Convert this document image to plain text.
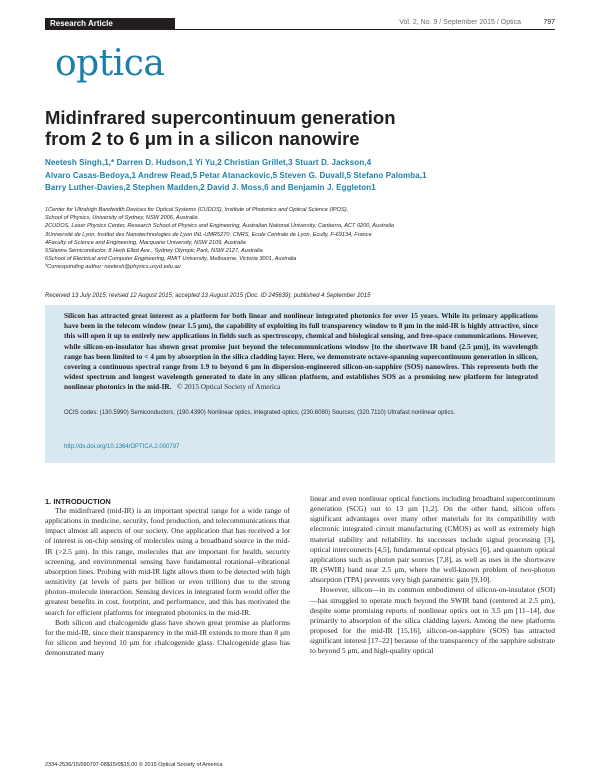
Research Article	Vol. 2, No. 9 / September 2015 / Optica	797
optica
Midinfrared supercontinuum generation
from 2 to 6 μm in a silicon nanowire
Neetesh Singh,1,* Darren D. Hudson,1 Yi Yu,2 Christian Grillet,3 Stuart D. Jackson,4
Alvaro Casas-Bedoya,1 Andrew Read,5 Petar Atanackovic,5 Steven G. Duvall,5 Stefano Palomba,1
Barry Luther-Davies,2 Stephen Madden,2 David J. Moss,6 and Benjamin J. Eggleton1
1Center for Ultrahigh Bandwidth Devices for Optical Systems (CUDOS), Institute of Photonics and Optical Science (IPOS),
School of Physics, University of Sydney, NSW 2006, Australia
2CUDOS, Laser Physics Center, Research School of Physics and Engineering, Australian National University, Canberra, ACT 0200, Australia
3Université de Lyon, Institut des Nanotechnologies de Lyon INL-UMR5270, CNRS, Ecole Centrale de Lyon, Ecully, F-69134, France
4Faculty of Science and Engineering, Macquarie University, NSW 2109, Australia
5Silanna Semiconductor, 8 Herb Elliot Ave., Sydney Olympic Park, NSW 2127, Australia
6School of Electrical and Computer Engineering, RMIT University, Melbourne, Victoria 3001, Australia
*Corresponding author: neetesh@physics.usyd.edu.au
Received 13 July 2015; revised 12 August 2015; accepted 13 August 2015 (Doc. ID 245639); published 4 September 2015
Silicon has attracted great interest as a platform for both linear and nonlinear integrated photonics for over 15 years. While its primary applications have been in the telecom window (near 1.5 μm), the capability of exploiting its full transparency window to 8 μm in the mid-IR is highly attractive, since this will open it up to entirely new applications in fields such as spectroscopy, chemical and biological sensing, and free-space communications. However, while silicon-on-insulator has shown great promise just beyond the telecommunications window [to the shortwave IR band (2.5 μm)], its wavelength range has been limited to < 4 μm by absorption in the silica cladding layer. Here, we demonstrate octave-spanning supercontinuum generation in silicon, covering a continuous spectral range from 1.9 to beyond 6 μm in dispersion-engineered silicon-on-sapphire (SOS) nanowires. This represents both the widest spectrum and longest wavelength generated to date in any silicon platform, and establishes SOS as a promising new platform for integrated nonlinear photonics in the mid-IR. © 2015 Optical Society of America
OCIS codes: (130.5990) Semiconductors; (190.4390) Nonlinear optics, integrated optics; (230.6080) Sources; (320.7110) Ultrafast nonlinear optics.
http://dx.doi.org/10.1364/OPTICA.2.000797
1. INTRODUCTION

The midinfrared (mid-IR) is an important spectral range for a wide range of applications in medicine, security, food production, and telecommunications that impact almost all aspects of our society. One application that has received a lot of interest is on-chip sensing of molecules using a broadband source in the mid-IR (>2.5 μm). In this range, molecules that are important for health, security screening, and environmental sensing have fundamental rotational–vibrational absorption lines. Probing with mid-IR light allows them to be detected with high sensitivity (at levels of parts per billion or even trillion) due to the strong photon–molecule interaction. Sensing devices in integrated form would offer the greatest benefits in cost, footprint, and performance, and this has motivated the search for efficient platforms for integrated photonics in the mid-IR.

Both silicon and chalcogenide glass have shown great promise as platforms for the mid-IR, since their transparency in the mid-IR extends to more than 8 μm for silicon and beyond 10 μm for chalcogenide glass. Chalcogenide glass has demonstrated many

linear and even nonlinear optical functions including broadband supercontinuum generation (SCG) out to 13 μm [1,2]. On the other hand, silicon offers significant advantages over many other materials for its compatibility with electronic integrated circuit manufacturing (CMOS) as well as extremely high material stability and reliability. Its successes include signal processing [3], optical interconnects [4,5], fundamental optical physics [6], and quantum optical applications such as photon pair sources [7,8], as well as uses in the shortwave IR (SWIR) band near 2.5 μm, where the well-known problem of two-photon absorption (TPA) prevents very high parametric gain [9,10].

However, silicon—in its common embodiment of silicon-on-insulator (SOI)—has struggled to operate much beyond the SWIR band (centered at 2.5 μm), despite some promising reports of nonlinear optics out to 3.5 μm [11–14], due primarily to absorption of the silica cladding layers. Among the new platforms proposed for the mid-IR [15,16], silicon-on-sapphire (SOS) has attracted significant interest [17–22] because of the transparency of the sapphire substrate to beyond 5 μm, and high-quality optical

2334-2536/15/090797-08$15/0$15.00 © 2015 Optical Society of America
